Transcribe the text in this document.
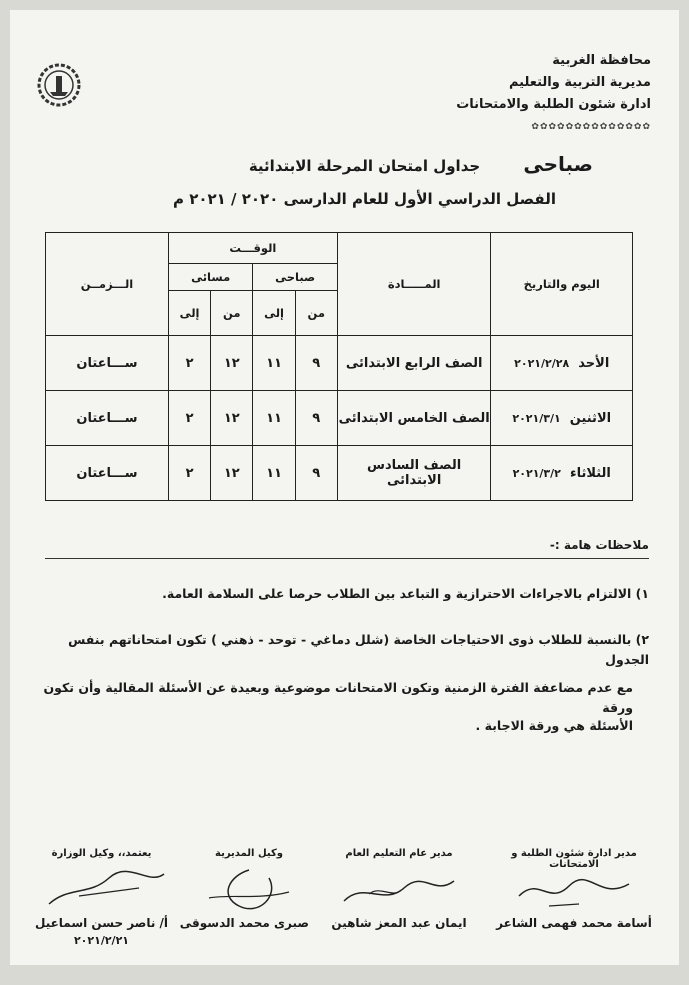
محافظة الغربية
مديرية التربية والتعليم
ادارة شئون الطلبة والامتحانات
✿✿✿✿✿✿✿✿✿✿✿✿✿✿
صباحى
جداول امتحان المرحلة الابتدائية
الفصل الدراسي الأول للعام الدارسى ٢٠٢٠ / ٢٠٢١ م
اليوم والتاريخ	المـــــادة	الوقـــت				الـــزمــن
		صباحى		مسائى		
		من	إلى	من	إلى	
الأحد  ٢٠٢١/٢/٢٨	الصف الرابع الابتدائى	٩	١١	١٢	٢	ســـاعتان
الاثنين  ٢٠٢١/٣/١	الصف الخامس الابتدائى	٩	١١	١٢	٢	ســـاعتان
الثلاثاء  ٢٠٢١/٣/٢	الصف السادس الابتدائى	٩	١١	١٢	٢	ســـاعتان
ملاحظات هامة :-
١) الالتزام بالاجراءات الاحترازية و التباعد بين الطلاب حرصا على السلامة العامة.
٢) بالنسبة للطلاب ذوى الاحتياجات الخاصة (شلل دماغي - توحد - ذهني ) تكون امتحاناتهم بنفس الجدول
مع عدم مضاعفة الفترة الزمنية وتكون الامتحانات موضوعية وبعيدة عن الأسئلة المقالية وأن تكون ورقة
الأسئلة هي ورقة الاجابة .
مدير ادارة شئون الطلبة و الامتحانات
أسامة محمد فهمى الشاعر
مدير عام التعليم العام
ايمان عبد المعز شاهين
وكيل المديرية
صبرى محمد الدسوقى
يعتمد،، وكيل الوزارة
أ/ ناصر حسن اسماعيل
٢٠٢١/٢/٢١
